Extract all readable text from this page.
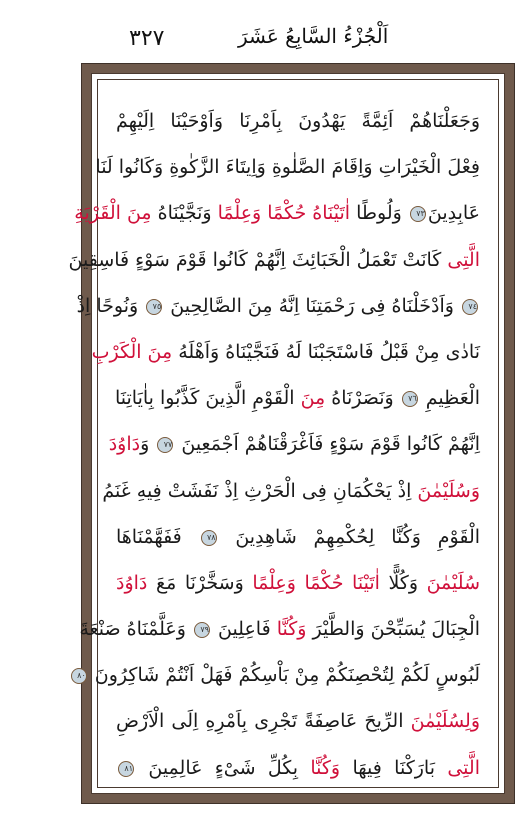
٣٢٧	اَلْجُزْءُ السَّابِعُ عَشَرَ
وَجَعَلْنَاهُمْ اَئِمَّةً يَهْدُونَ بِاَمْرِنَا وَاَوْحَيْنَا اِلَيْهِمْ
فِعْلَ الْخَيْرَاتِ وَاِقَامَ الصَّلٰوةِ وَاِيتَاءَ الزَّكٰوةِ وَكَانُوا لَنَا
عَابِدِينَ٧٣ وَلُوطًا اٰتَيْنَاهُ حُكْمًا وَعِلْمًا وَنَجَّيْنَاهُ مِنَ الْقَرْيَةِ
الَّتِى كَانَتْ تَعْمَلُ الْخَبَائِثَ اِنَّهُمْ كَانُوا قَوْمَ سَوْءٍ فَاسِقِينَ
٧٤ وَاَدْخَلْنَاهُ فِى رَحْمَتِنَا اِنَّهُ مِنَ الصَّالِحِينَ ٧٥ وَنُوحًا اِذْ
نَادٰى مِنْ قَبْلُ فَاسْتَجَبْنَا لَهُ فَنَجَّيْنَاهُ وَاَهْلَهُ مِنَ الْكَرْبِ
الْعَظِيمِ ٧٦ وَنَصَرْنَاهُ مِنَ الْقَوْمِ الَّذِينَ كَذَّبُوا بِاٰيَاتِنَا
اِنَّهُمْ كَانُوا قَوْمَ سَوْءٍ فَاَغْرَقْنَاهُمْ اَجْمَعِينَ ٧٧ وَدَاوُدَ
وَسُلَيْمٰنَ اِذْ يَحْكُمَانِ فِى الْحَرْثِ اِذْ نَفَشَتْ فِيهِ غَنَمُ
الْقَوْمِ وَكُنَّا لِحُكْمِهِمْ شَاهِدِينَ ٧٨ فَفَهَّمْنَاهَا
سُلَيْمٰنَ وَكُلًّا اٰتَيْنَا حُكْمًا وَعِلْمًا وَسَخَّرْنَا مَعَ دَاوُدَ
الْجِبَالَ يُسَبِّحْنَ وَالطَّيْرَ وَكُنَّا فَاعِلِينَ ٧٩ وَعَلَّمْنَاهُ صَنْعَةَ
لَبُوسٍ لَكُمْ لِتُحْصِنَكُمْ مِنْ بَاْسِكُمْ فَهَلْ اَنْتُمْ شَاكِرُونَ ٨٠
وَلِسُلَيْمٰنَ الرِّيحَ عَاصِفَةً تَجْرِى بِاَمْرِهِ اِلَى الْاَرْضِ
الَّتِى بَارَكْنَا فِيهَا وَكُنَّا بِكُلِّ شَىْءٍ عَالِمِينَ ٨١
